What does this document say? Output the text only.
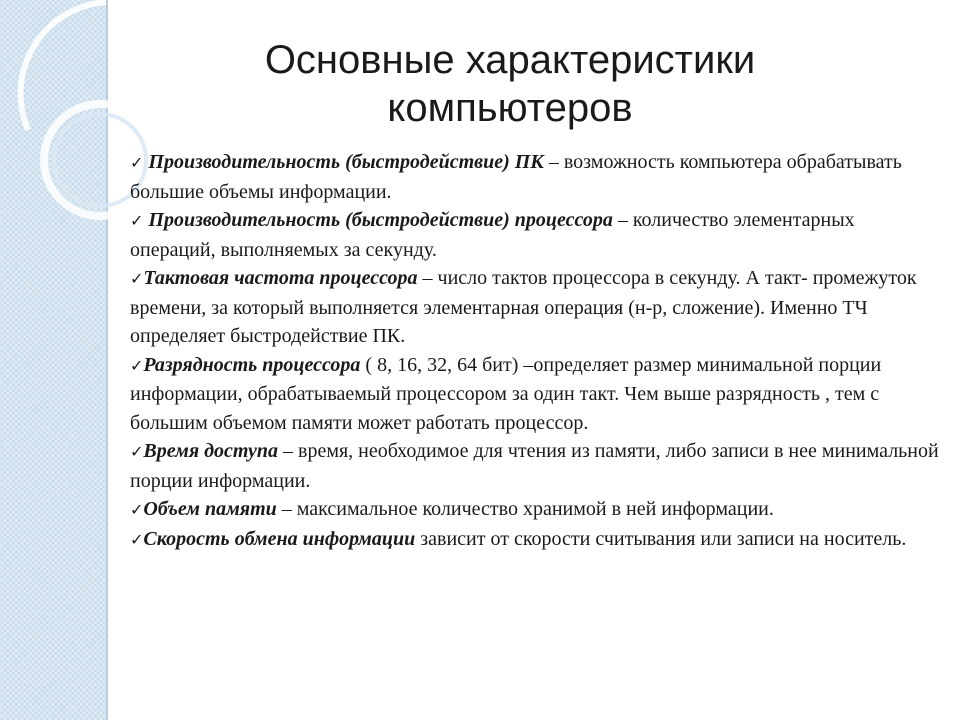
Основные характеристики
компьютеров

✓ Производительность (быстродействие) ПК – возможность компьютера обрабатывать большие объемы информации.

✓ Производительность (быстродействие) процессора – количество элементарных операций, выполняемых за секунду.

✓Тактовая частота процессора – число тактов процессора в секунду. А такт- промежуток времени, за который выполняется элементарная операция (н-р, сложение). Именно ТЧ определяет быстродействие ПК.

✓Разрядность процессора ( 8, 16, 32, 64 бит) –определяет размер минимальной порции информации, обрабатываемый процессором за один такт. Чем выше разрядность , тем с большим объемом памяти может работать процессор.

✓Время доступа – время, необходимое для чтения из памяти, либо записи в нее минимальной порции информации.

✓Объем памяти – максимальное количество хранимой в ней информации.

✓Скорость обмена информации зависит от скорости считывания или записи на носитель.
